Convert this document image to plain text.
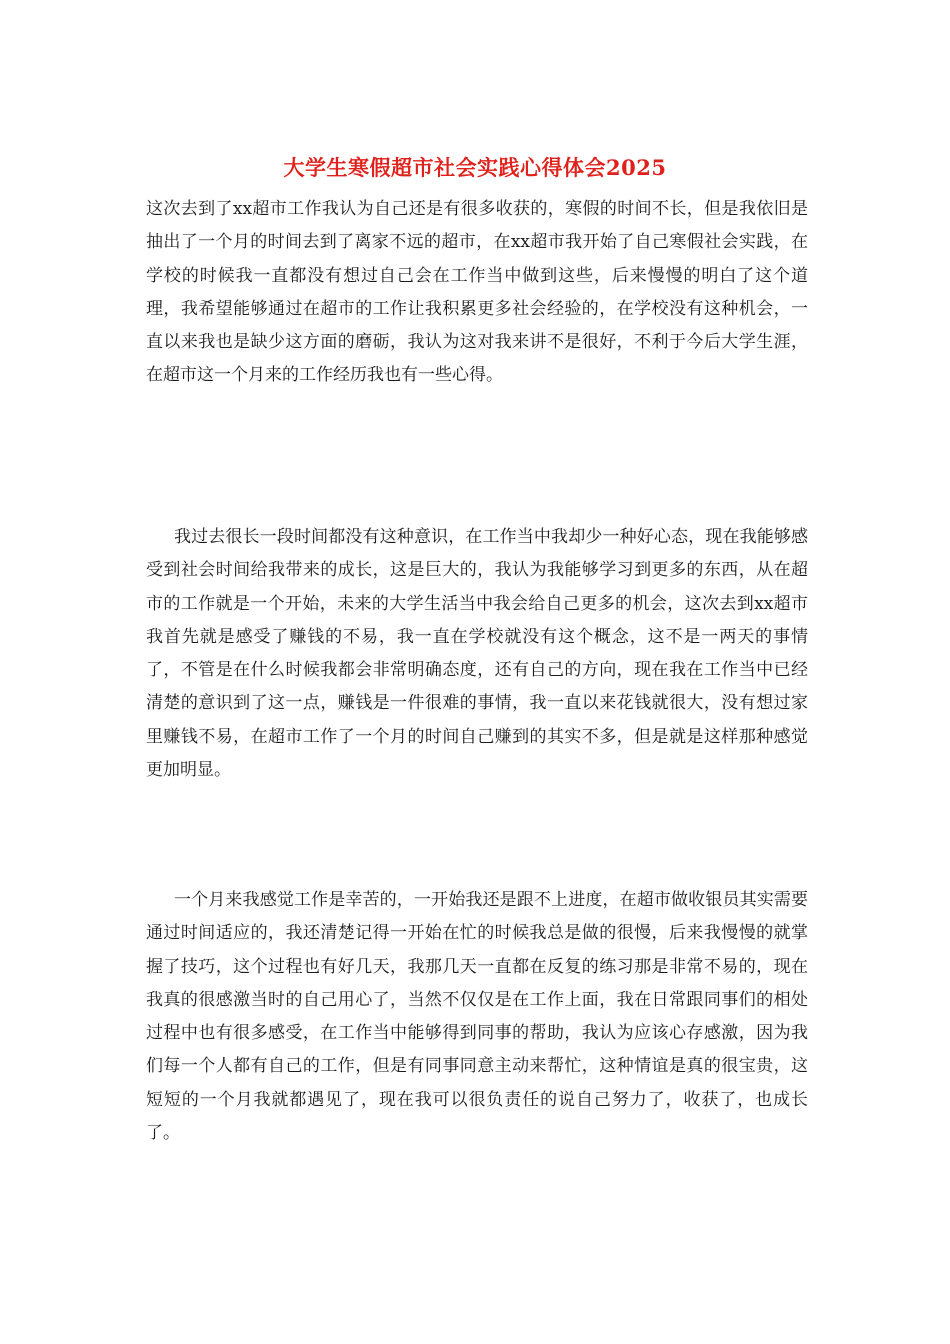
大学生寒假超市社会实践心得体会2025

这次去到了xx超市工作我认为自己还是有很多收获的，寒假的时间不长，但是我依旧是抽出了一个月的时间去到了离家不远的超市，在xx超市我开始了自己寒假社会实践，在学校的时候我一直都没有想过自己会在工作当中做到这些，后来慢慢的明白了这个道理，我希望能够通过在超市的工作让我积累更多社会经验的，在学校没有这种机会，一直以来我也是缺少这方面的磨砺，我认为这对我来讲不是很好，不利于今后大学生涯，在超市这一个月来的工作经历我也有一些心得。

我过去很长一段时间都没有这种意识，在工作当中我却少一种好心态，现在我能够感受到社会时间给我带来的成长，这是巨大的，我认为我能够学习到更多的东西，从在超市的工作就是一个开始，未来的大学生活当中我会给自己更多的机会，这次去到xx超市我首先就是感受了赚钱的不易，我一直在学校就没有这个概念，这不是一两天的事情了，不管是在什么时候我都会非常明确态度，还有自己的方向，现在我在工作当中已经清楚的意识到了这一点，赚钱是一件很难的事情，我一直以来花钱就很大，没有想过家里赚钱不易，在超市工作了一个月的时间自己赚到的其实不多，但是就是这样那种感觉更加明显。

一个月来我感觉工作是幸苦的，一开始我还是跟不上进度，在超市做收银员其实需要通过时间适应的，我还清楚记得一开始在忙的时候我总是做的很慢，后来我慢慢的就掌握了技巧，这个过程也有好几天，我那几天一直都在反复的练习那是非常不易的，现在我真的很感激当时的自己用心了，当然不仅仅是在工作上面，我在日常跟同事们的相处过程中也有很多感受，在工作当中能够得到同事的帮助，我认为应该心存感激，因为我们每一个人都有自己的工作，但是有同事同意主动来帮忙，这种情谊是真的很宝贵，这短短的一个月我就都遇见了，现在我可以很负责任的说自己努力了，收获了，也成长了。
